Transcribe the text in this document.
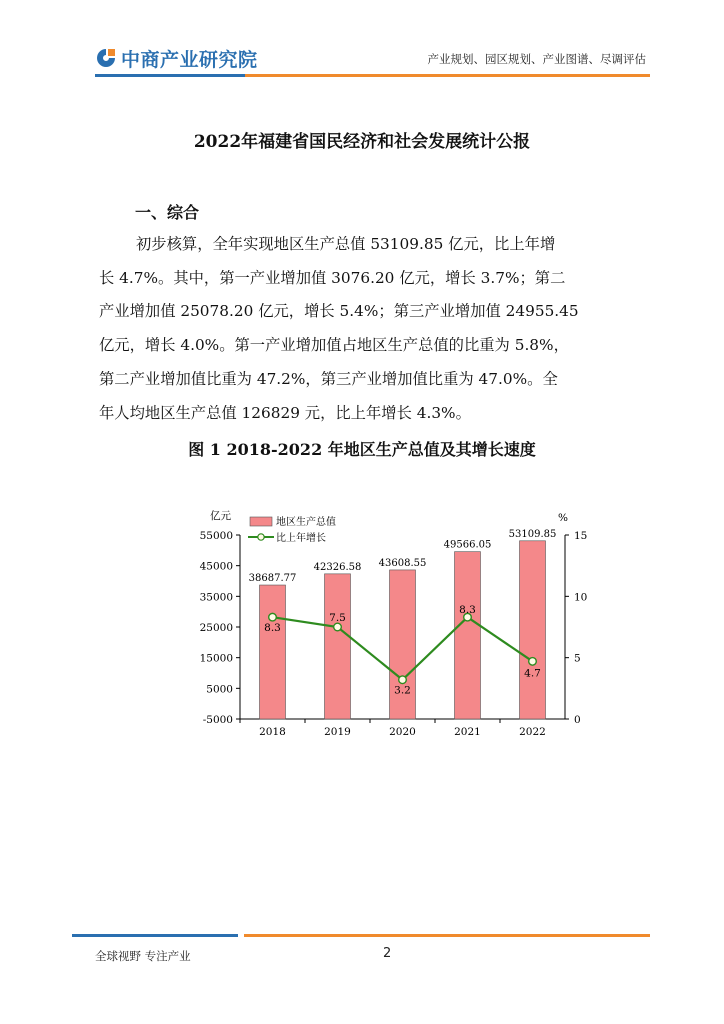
中商产业研究院	产业规划、园区规划、产业图谱、尽调评估
2022年福建省国民经济和社会发展统计公报
一、综合
初步核算，全年实现地区生产总值 53109.85 亿元，比上年增
长 4.7%。其中，第一产业增加值 3076.20 亿元，增长 3.7%；第二
产业增加值 25078.20 亿元，增长 5.4%；第三产业增加值 24955.45
亿元，增长 4.0%。第一产业增加值占地区生产总值的比重为 5.8%，
第二产业增加值比重为 47.2%，第三产业增加值比重为 47.0%。全
年人均地区生产总值 126829 元，比上年增长 4.3%。
图 1 2018-2022 年地区生产总值及其增长速度
55000
45000
35000
25000
15000
5000
-5000
15
10
5
0
亿元	%
38687.77
42326.58 43608.55
49566.05
53109.85
2018	2019	2020	2021	2022
8.3
7.5
3.2
8.3
4.7
地区生产总值
比上年增长
全球视野 专注产业	2
